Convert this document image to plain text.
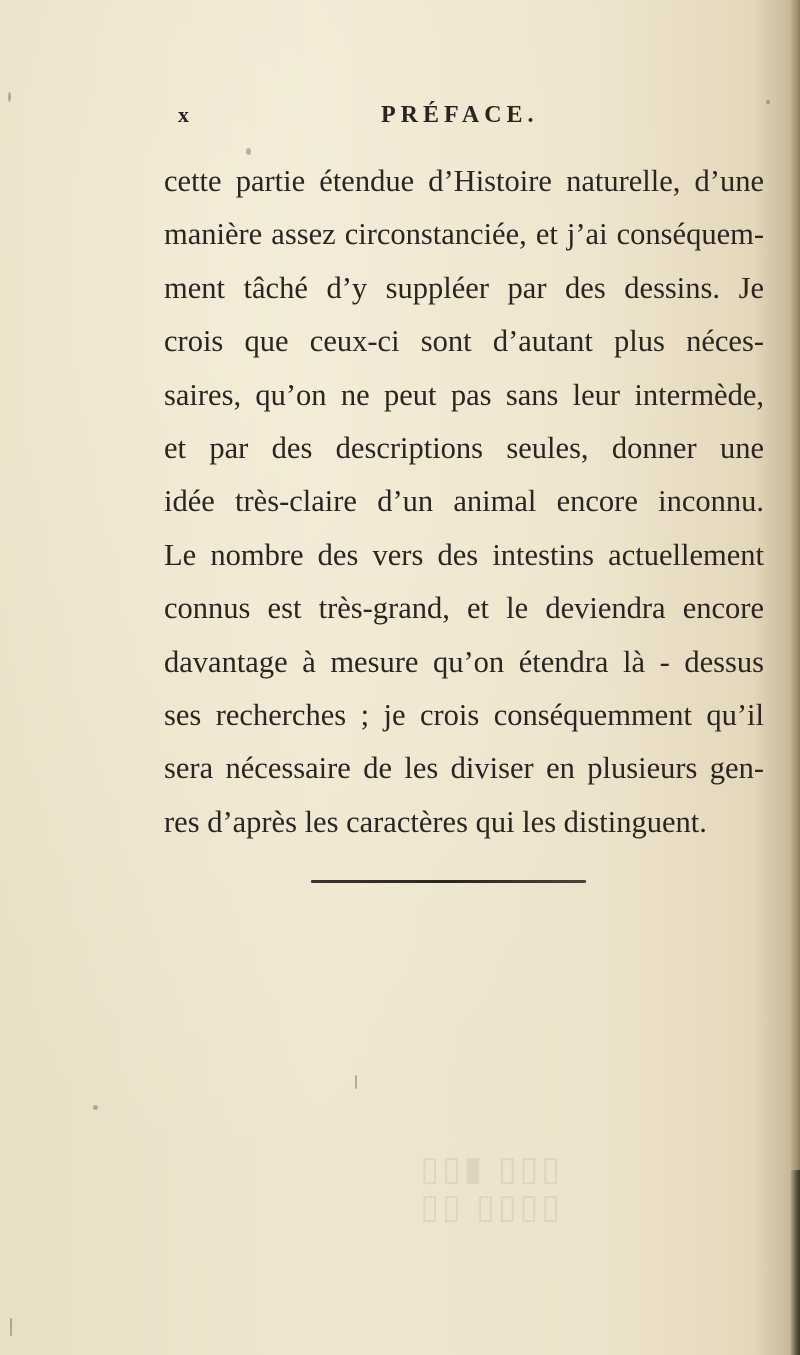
x	PRÉFACE.
cette partie étendue d’Histoire naturelle, d’une
manière assez circonstanciée, et j’ai conséquem-
ment tâché d’y suppléer par des dessins. Je
crois que ceux-ci sont d’autant plus néces-
saires, qu’on ne peut pas sans leur intermède,
et par des descriptions seules, donner une
idée très-claire d’un animal encore inconnu.
Le nombre des vers des intestins actuellement
connus est très-grand, et le deviendra encore
davantage à mesure qu’on étendra là - dessus
ses recherches ; je crois conséquemment qu’il
sera nécessaire de les diviser en plusieurs gen-
res d’après les caractères qui les distinguent.
▯▯▯ ▮▯▯
▯▯▯▯ ▯▯
